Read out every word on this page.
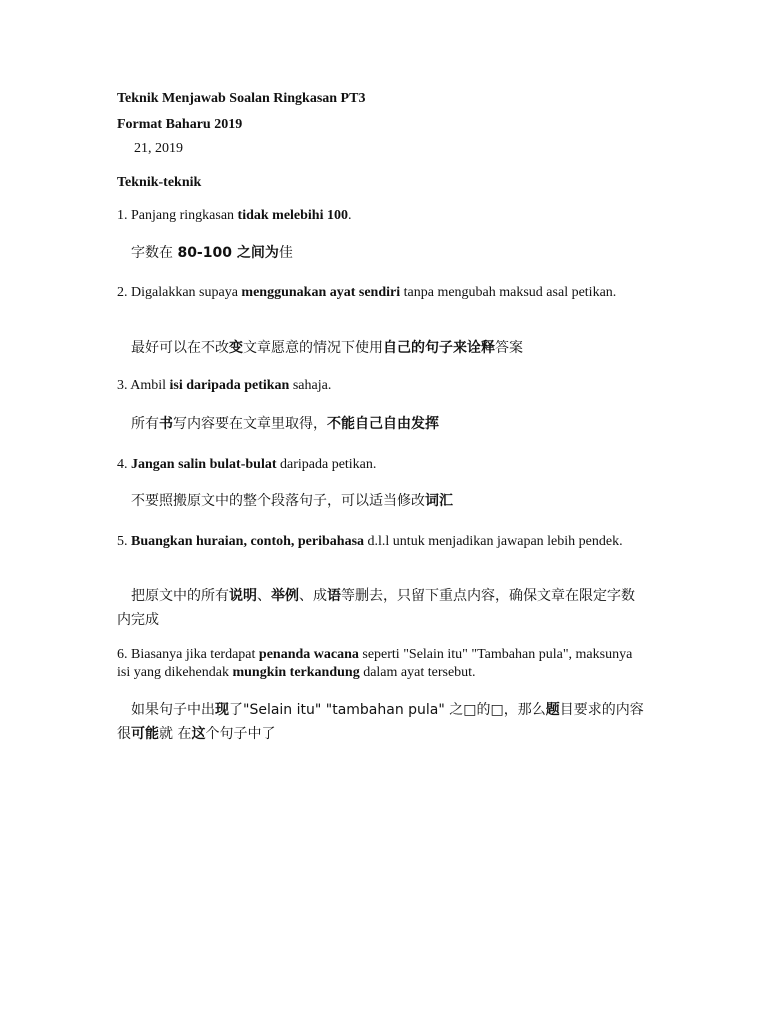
Teknik Menjawab Soalan Ringkasan PT3
Format Baharu 2019
21, 2019
Teknik-teknik
1. Panjang ringkasan tidak melebihi 100.
字数在 80-100 之间为佳
2. Digalakkan supaya menggunakan ayat sendiri tanpa mengubah maksud asal petikan.
最好可以在不改变文章愿意的情况下使用自己的句子来诠释答案
3. Ambil isi daripada petikan sahaja.
所有书写内容要在文章里取得，不能自己自由发挥
4. Jangan salin bulat-bulat daripada petikan.
不要照搬原文中的整个段落句子，可以适当修改词汇
5. Buangkan huraian, contoh, peribahasa d.l.l untuk menjadikan jawapan lebih pendek.
把原文中的所有说明、举例、成语等删去，只留下重点内容，确保文章在限定字数内完成
6. Biasanya jika terdapat penanda wacana seperti "Selain itu" "Tambahan pula", maksunya isi yang dikehendak mungkin terkandung dalam ayat tersebut.
如果句子中出现了"Selain itu" "tambahan pula" 之□的□，那么题目要求的内容很可能就 在这个句子中了
